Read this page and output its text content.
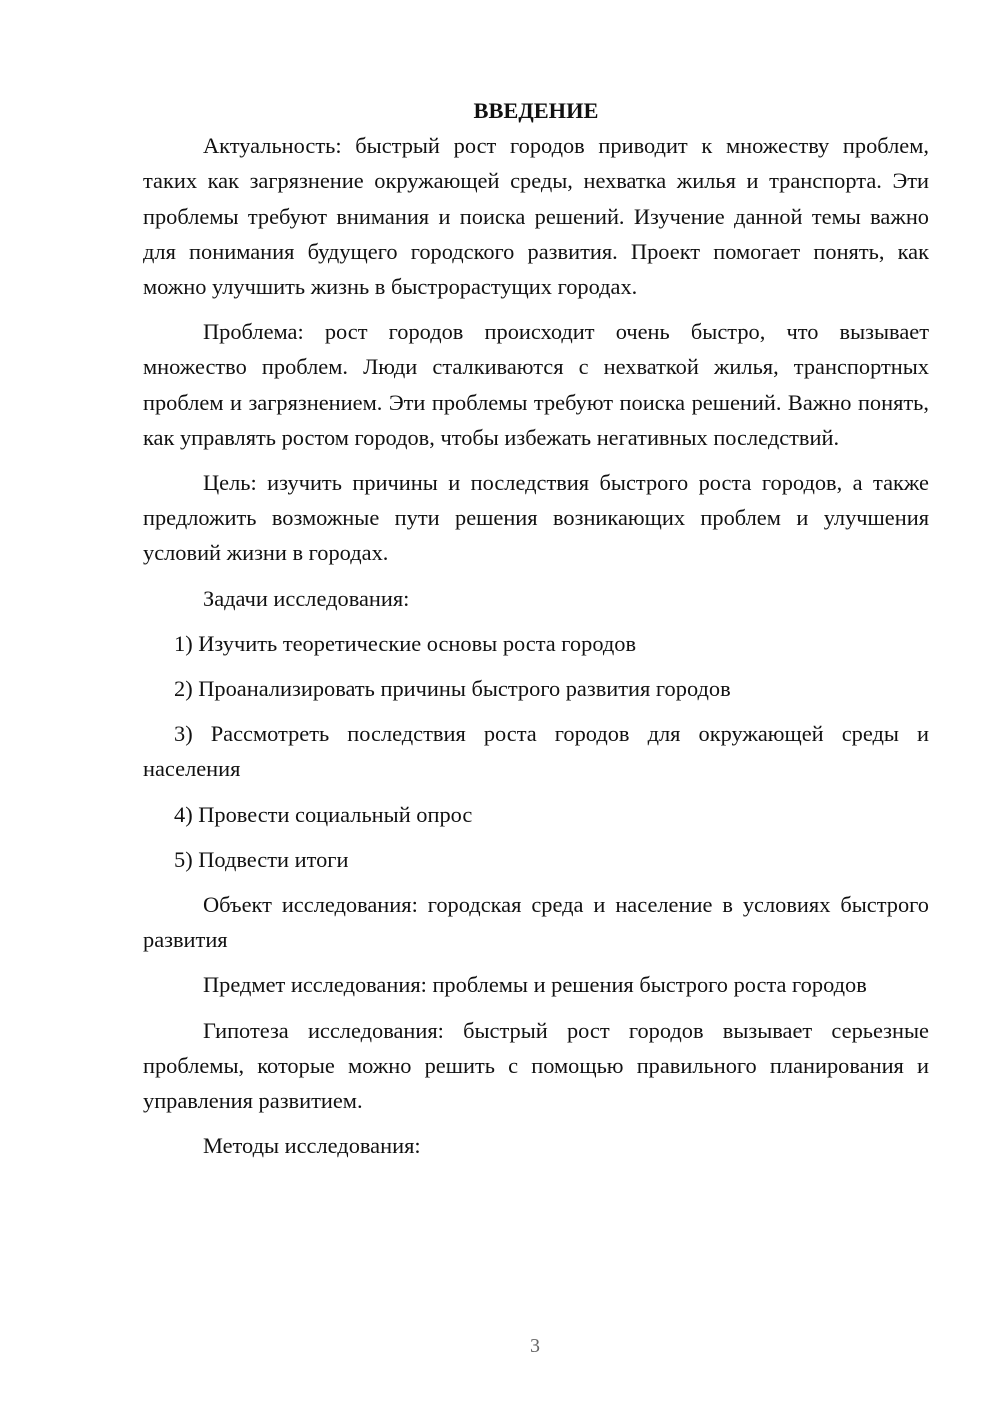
ВВЕДЕНИЕ

Актуальность: быстрый рост городов приводит к множеству проблем, таких как загрязнение окружающей среды, нехватка жилья и транспорта. Эти проблемы требуют внимания и поиска решений. Изучение данной темы важно для понимания будущего городского развития. Проект помогает понять, как можно улучшить жизнь в быстрорастущих городах.

Проблема: рост городов происходит очень быстро, что вызывает множество проблем. Люди сталкиваются с нехваткой жилья, транспортных проблем и загрязнением. Эти проблемы требуют поиска решений. Важно понять, как управлять ростом городов, чтобы избежать негативных последствий.

Цель: изучить причины и последствия быстрого роста городов, а также предложить возможные пути решения возникающих проблем и улучшения условий жизни в городах.

Задачи исследования:

1) Изучить теоретические основы роста городов

2) Проанализировать причины быстрого развития городов

3) Рассмотреть последствия роста городов для окружающей среды и населения

4) Провести социальный опрос

5) Подвести итоги

Объект исследования: городская среда и население в условиях быстрого развития

Предмет исследования: проблемы и решения быстрого роста городов

Гипотеза исследования: быстрый рост городов вызывает серьезные проблемы, которые можно решить с помощью правильного планирования и управления развитием.

Методы исследования:

3
